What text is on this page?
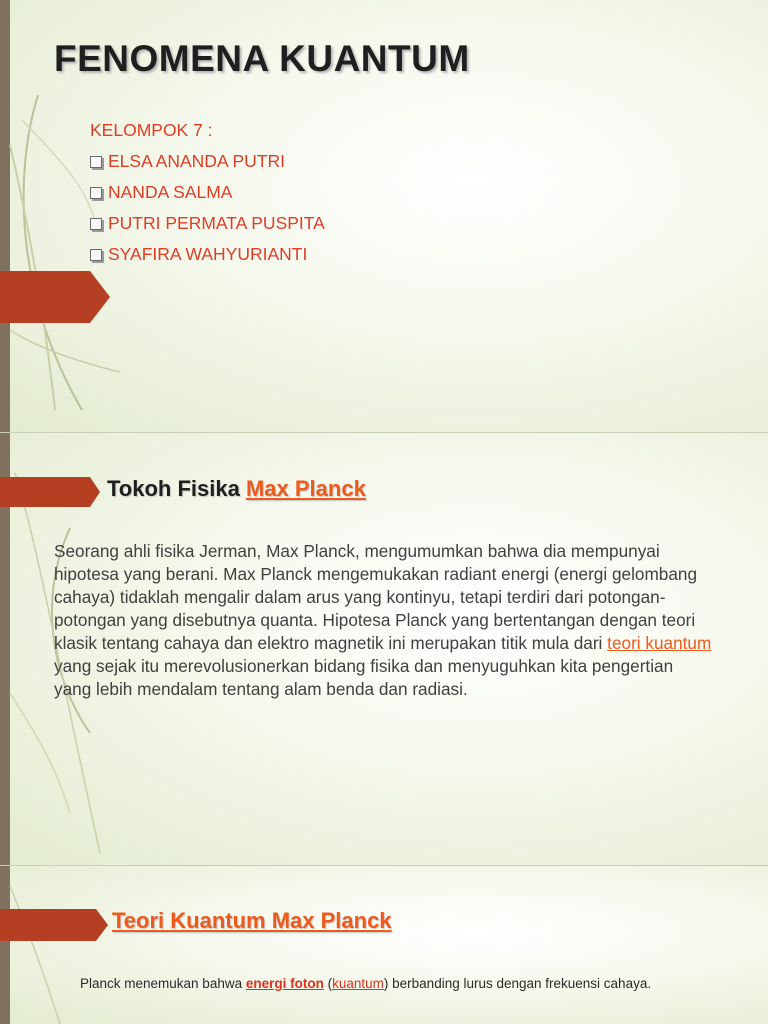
FENOMENA KUANTUM
KELOMPOK 7 :
ELSA ANANDA PUTRI
NANDA SALMA
PUTRI PERMATA PUSPITA
SYAFIRA WAHYURIANTI
Tokoh Fisika Max Planck

Seorang ahli fisika Jerman, Max Planck, mengumumkan bahwa dia mempunyai hipotesa yang berani. Max Planck mengemukakan radiant energi (energi gelombang cahaya) tidaklah mengalir dalam arus yang kontinyu, tetapi terdiri dari potongan-potongan yang disebutnya quanta. Hipotesa Planck yang bertentangan dengan teori klasik tentang cahaya dan elektro magnetik ini merupakan titik mula dari teori kuantum yang sejak itu merevolusionerkan bidang fisika dan menyuguhkan kita pengertian yang lebih mendalam tentang alam benda dan radiasi.

Teori Kuantum Max Planck

Planck menemukan bahwa energi foton (kuantum) berbanding lurus dengan frekuensi cahaya.
